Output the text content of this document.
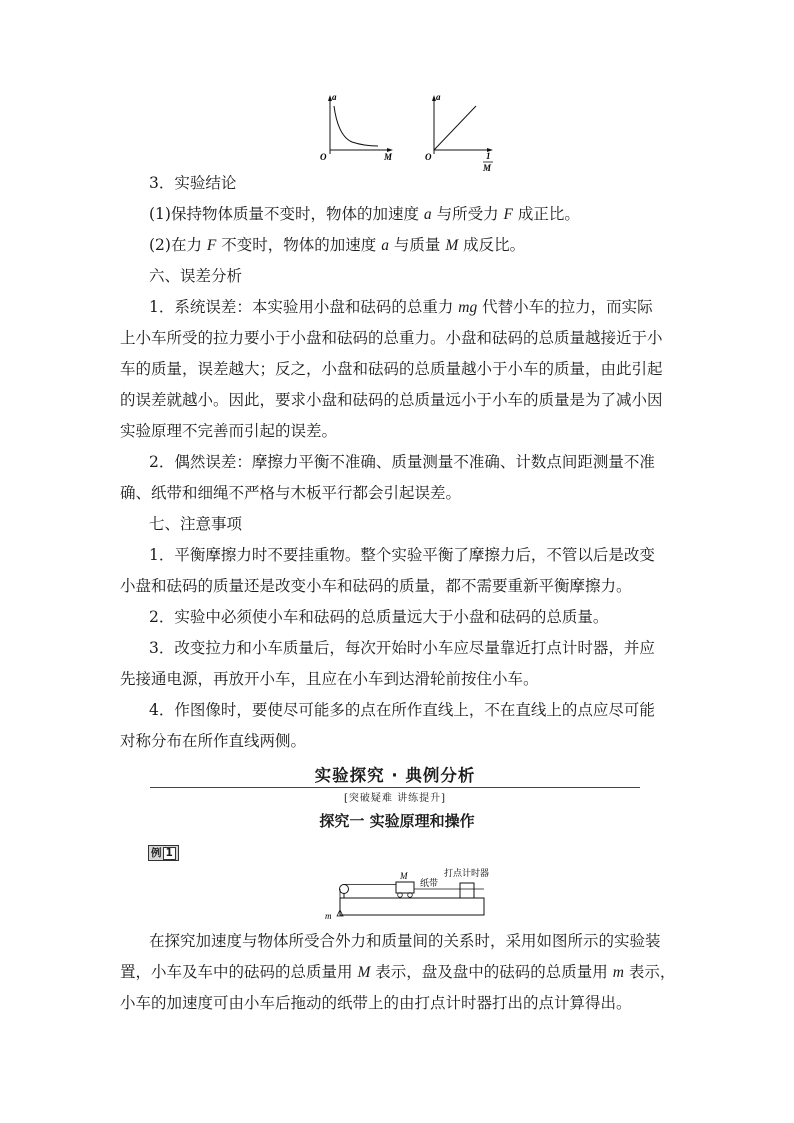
a
O	M
a
O	1
M
3．实验结论
(1)保持物体质量不变时，物体的加速度 a 与所受力 F 成正比。
(2)在力 F 不变时，物体的加速度 a 与质量 M 成反比。
六、误差分析
1．系统误差：本实验用小盘和砝码的总重力 mg 代替小车的拉力，而实际
上小车所受的拉力要小于小盘和砝码的总重力。小盘和砝码的总质量越接近于小
车的质量，误差越大；反之，小盘和砝码的总质量越小于小车的质量，由此引起
的误差就越小。因此，要求小盘和砝码的总质量远小于小车的质量是为了减小因
实验原理不完善而引起的误差。
2．偶然误差：摩擦力平衡不准确、质量测量不准确、计数点间距测量不准
确、纸带和细绳不严格与木板平行都会引起误差。
七、注意事项
1．平衡摩擦力时不要挂重物。整个实验平衡了摩擦力后，不管以后是改变
小盘和砝码的质量还是改变小车和砝码的质量，都不需要重新平衡摩擦力。
2．实验中必须使小车和砝码的总质量远大于小盘和砝码的总质量。
3．改变拉力和小车质量后，每次开始时小车应尽量靠近打点计时器，并应
先接通电源，再放开小车，且应在小车到达滑轮前按住小车。
4．作图像时，要使尽可能多的点在所作直线上，不在直线上的点应尽可能
对称分布在所作直线两侧。
实验探究 · 典例分析
[突破疑难 讲练提升]
探究一 实验原理和操作
例 1
M
纸带
打点计时器
m
在探究加速度与物体所受合外力和质量间的关系时，采用如图所示的实验装
置，小车及车中的砝码的总质量用 M 表示，盘及盘中的砝码的总质量用 m 表示，
小车的加速度可由小车后拖动的纸带上的由打点计时器打出的点计算得出。
